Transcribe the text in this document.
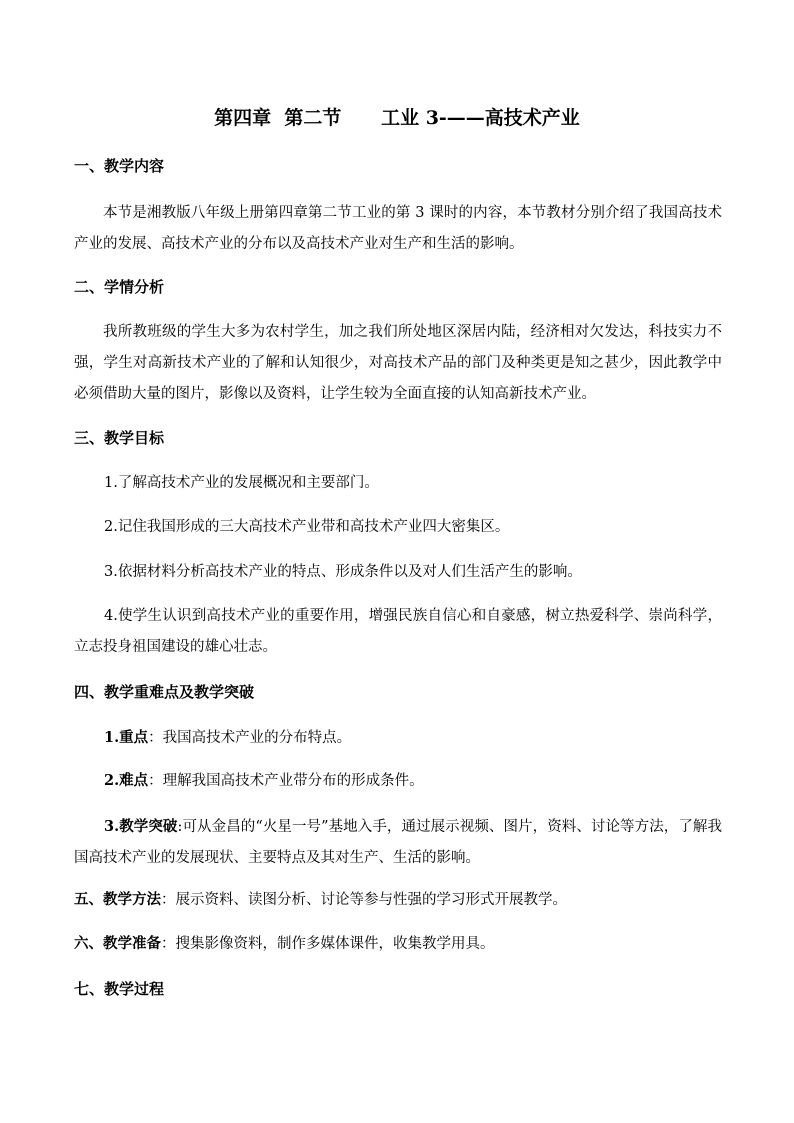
第四章  第二节      工业 3-——高技术产业
一、教学内容
本节是湘教版八年级上册第四章第二节工业的第 3 课时的内容，本节教材分别介绍了我国高技术产业的发展、高技术产业的分布以及高技术产业对生产和生活的影响。
二、学情分析
我所教班级的学生大多为农村学生，加之我们所处地区深居内陆，经济相对欠发达，科技实力不强，学生对高新技术产业的了解和认知很少，对高技术产品的部门及种类更是知之甚少，因此教学中必须借助大量的图片，影像以及资料，让学生较为全面直接的认知高新技术产业。
三、教学目标
1.了解高技术产业的发展概况和主要部门。
2.记住我国形成的三大高技术产业带和高技术产业四大密集区。
3.依据材料分析高技术产业的特点、形成条件以及对人们生活产生的影响。
4.使学生认识到高技术产业的重要作用，增强民族自信心和自豪感，树立热爱科学、崇尚科学，立志投身祖国建设的雄心壮志。
四、教学重难点及教学突破
1.重点：我国高技术产业的分布特点。
2.难点：理解我国高技术产业带分布的形成条件。
3.教学突破:可从金昌的“火星一号”基地入手，通过展示视频、图片，资料、讨论等方法，了解我国高技术产业的发展现状、主要特点及其对生产、生活的影响。
五、教学方法：展示资料、读图分析、讨论等参与性强的学习形式开展教学。
六、教学准备：搜集影像资料，制作多媒体课件，收集教学用具。
七、教学过程
